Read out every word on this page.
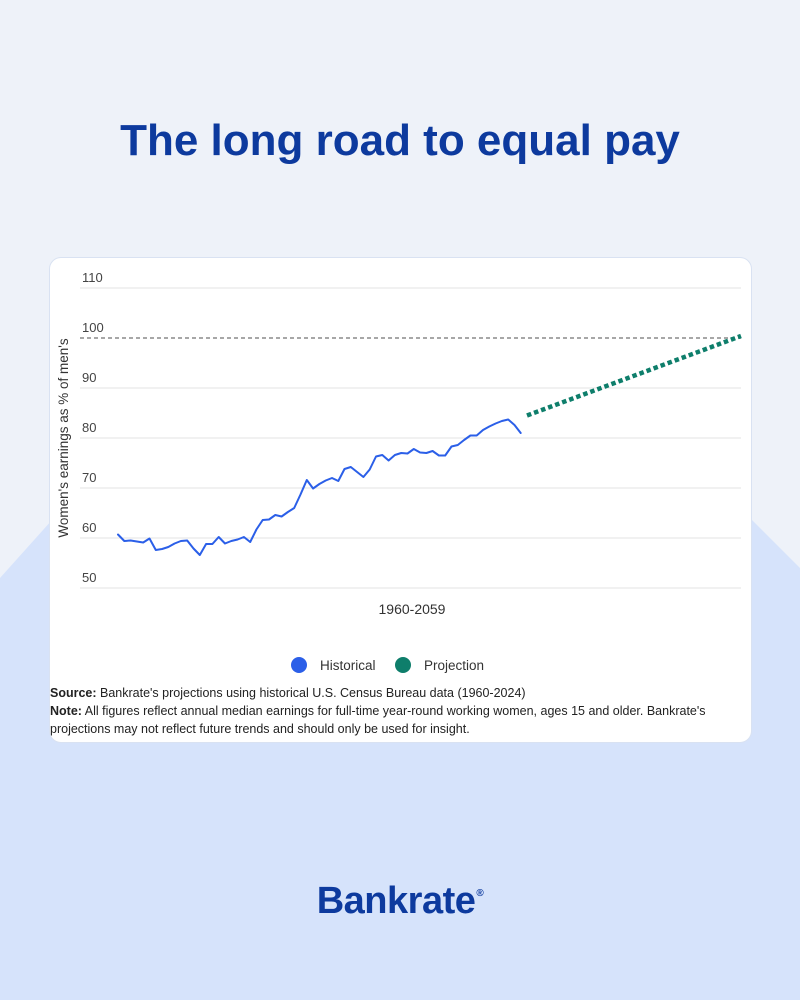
The long road to equal pay
50
60
70
80
90
100
110
Women's earnings as % of men's
1960-2059
Historical	Projection
Source: Bankrate's projections using historical U.S. Census Bureau data (1960-2024)
Note: All figures reflect annual median earnings for full-time year-round working women, ages 15 and older. Bankrate's projections may not reflect future trends and should only be used for insight.
Bankrate®
